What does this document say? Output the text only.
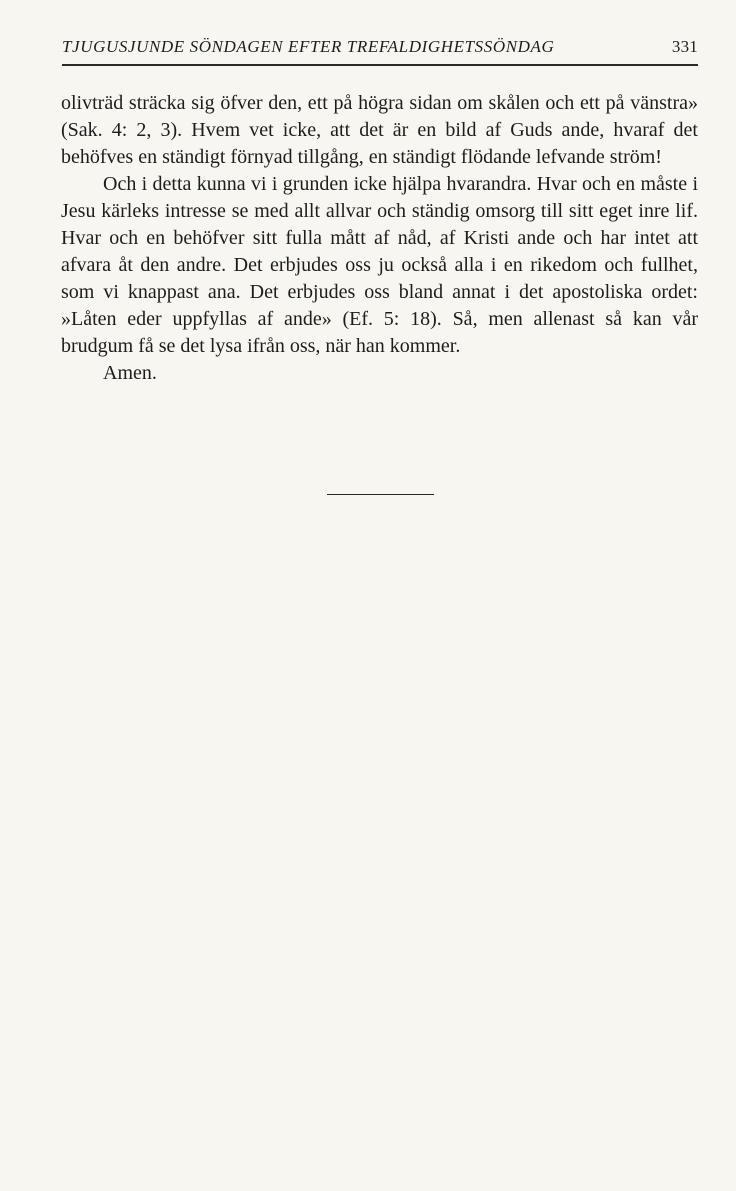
TJUGUSJUNDE SÖNDAGEN EFTER TREFALDIGHETSSÖNDAG	331

olivträd sträcka sig öfver den, ett på högra sidan om skålen och ett på vänstra» (Sak. 4: 2, 3). Hvem vet icke, att det är en bild af Guds ande, hvaraf det behöfves en ständigt förnyad tillgång, en ständigt flödande lefvande ström!

Och i detta kunna vi i grunden icke hjälpa hvarandra. Hvar och en måste i Jesu kärleks intresse se med allt allvar och ständig omsorg till sitt eget inre lif. Hvar och en behöfver sitt fulla mått af nåd, af Kristi ande och har intet att afvara åt den andre. Det erbjudes oss ju också alla i en rikedom och fullhet, som vi knappast ana. Det erbjudes oss bland annat i det apostoliska ordet: »Låten eder uppfyllas af ande» (Ef. 5: 18). Så, men allenast så kan vår brudgum få se det lysa ifrån oss, när han kommer.

Amen.
